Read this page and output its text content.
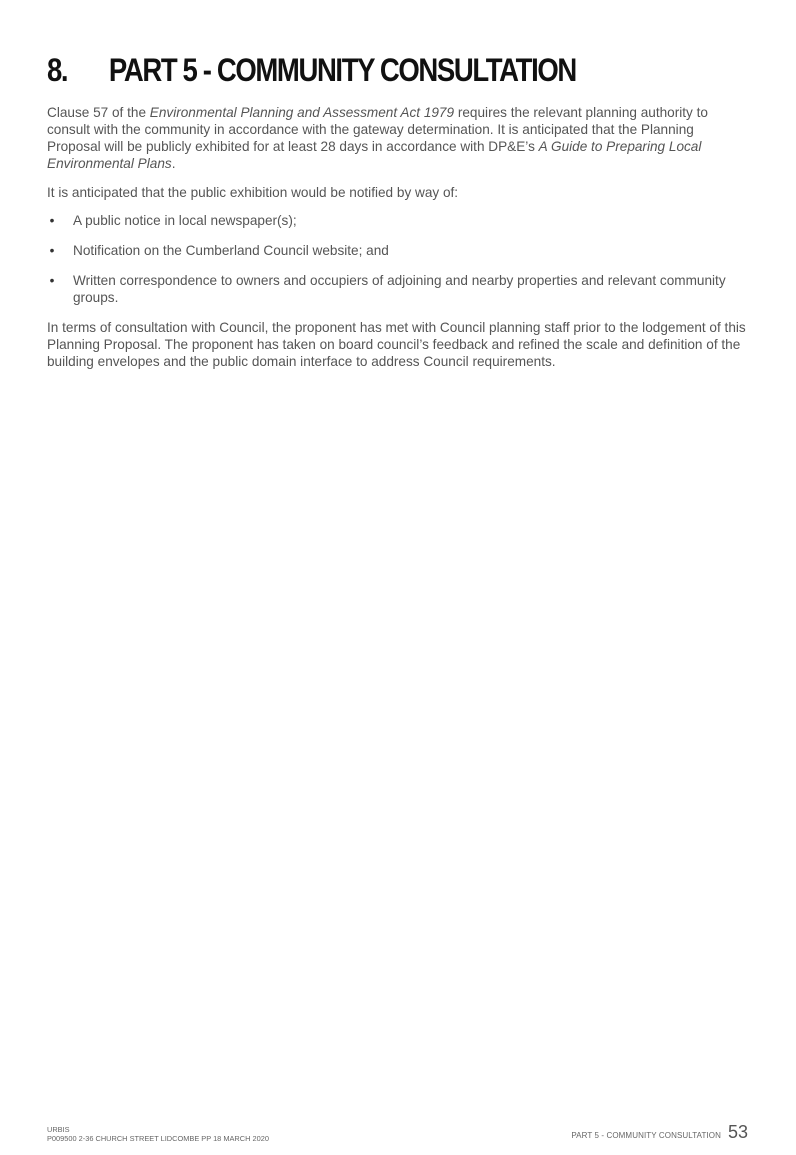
8.	PART 5 - COMMUNITY CONSULTATION

Clause 57 of the Environmental Planning and Assessment Act 1979 requires the relevant planning authority to consult with the community in accordance with the gateway determination. It is anticipated that the Planning Proposal will be publicly exhibited for at least 28 days in accordance with DP&E’s A Guide to Preparing Local Environmental Plans.

It is anticipated that the public exhibition would be notified by way of:

• A public notice in local newspaper(s);
• Notification on the Cumberland Council website; and
• Written correspondence to owners and occupiers of adjoining and nearby properties and relevant community groups.

In terms of consultation with Council, the proponent has met with Council planning staff prior to the lodgement of this Planning Proposal. The proponent has taken on board council’s feedback and refined the scale and definition of the building envelopes and the public domain interface to address Council requirements.

URBIS
P009500 2-36 CHURCH STREET LIDCOMBE PP 18 MARCH 2020	PART 5 - COMMUNITY CONSULTATION 53
